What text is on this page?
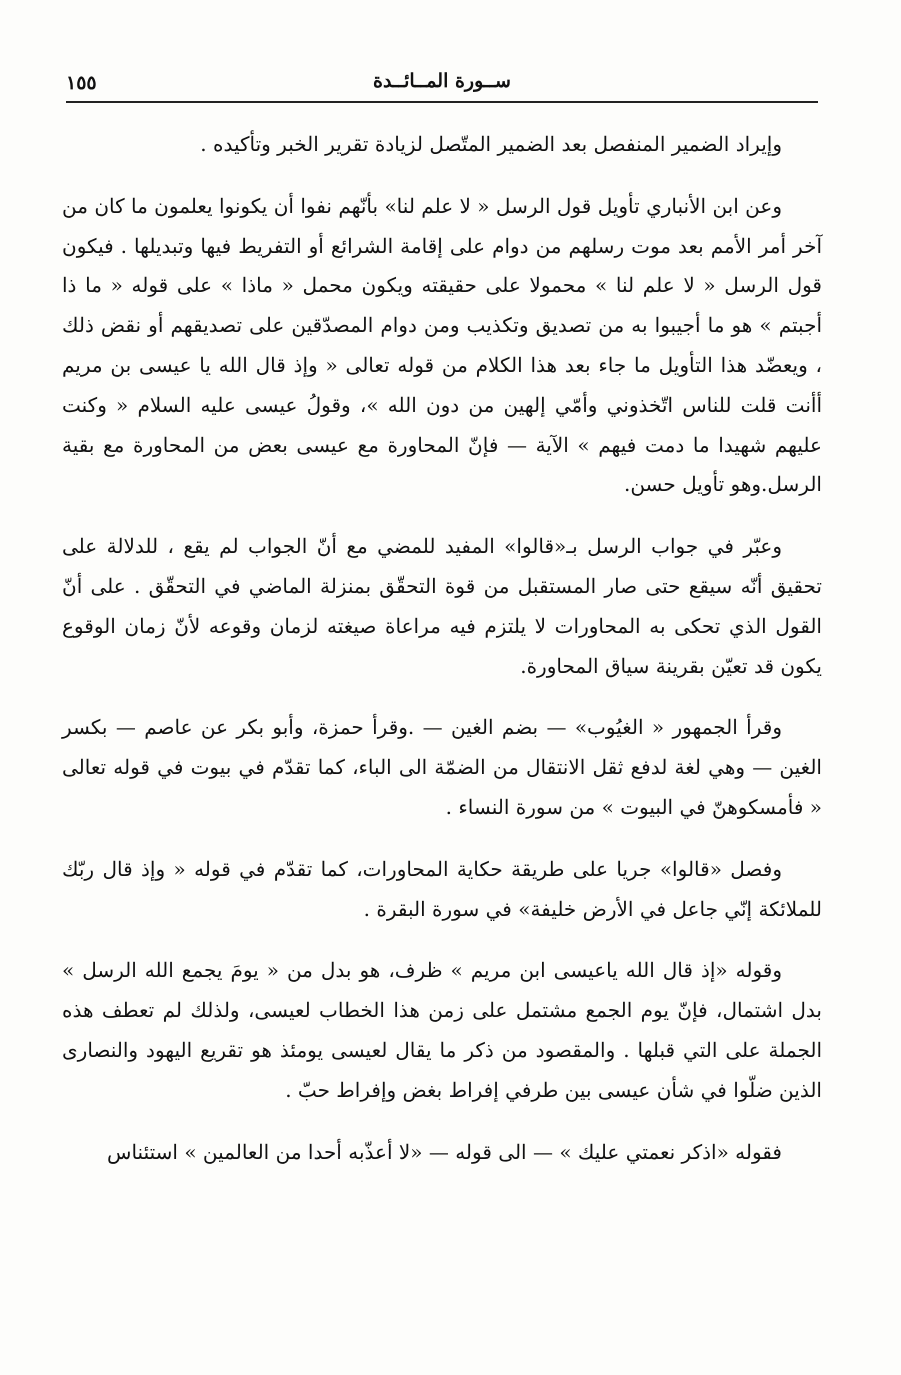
١٥٥	ســورة المــائــدة

وإيراد الضمير المنفصل بعد الضمير المتّصل لزيادة تقرير الخبر وتأكيده .

وعن ابن الأنباري تأويل قول الرسل « لا علم لنا» بأنّهم نفوا أن يكونوا يعلمون ما كان من آخر أمر الأمم بعد موت رسلهم من دوام على إقامة الشرائع أو التفريط فيها وتبديلها . فيكون قول الرسل « لا علم لنا » محمولا على حقيقته ويكون محمل « ماذا » على قوله « ما ذا أجبتم » هو ما أجيبوا به من تصديق وتكذيب ومن دوام المصدّقين على تصديقهم أو نقض ذلك ، ويعضّد هذا التأويل ما جاء بعد هذا الكلام من قوله تعالى « وإذ قال الله يا عيسى بن مريم أأنت قلت للناس اتّخذوني وأمّي إلهين من دون الله »، وقولُ عيسى عليه السلام « وكنت عليهم شهيدا ما دمت فيهم » الآية — فإنّ المحاورة مع عيسى بعض من المحاورة مع بقية الرسل.وهو تأويل حسن.

وعبّر في جواب الرسل بـ«قالوا» المفيد للمضي مع أنّ الجواب لم يقع ، للدلالة على تحقيق أنّه سيقع حتى صار المستقبل من قوة التحقّق بمنزلة الماضي في التحقّق . على أنّ القول الذي تحكى به المحاورات لا يلتزم فيه مراعاة صيغته لزمان وقوعه لأنّ زمان الوقوع يكون قد تعيّن بقرينة سياق المحاورة.

وقرأ الجمهور « الغيُوب» — بضم الغين — .وقرأ حمزة، وأبو بكر عن عاصم — بكسر الغين — وهي لغة لدفع ثقل الانتقال من الضمّة الى الباء، كما تقدّم في بيوت في قوله تعالى « فأمسكوهنّ في البيوت » من سورة النساء .

وفصل «قالوا» جريا على طريقة حكاية المحاورات، كما تقدّم في قوله « وإذ قال ربّك للملائكة إنّي جاعل في الأرض خليفة» في سورة البقرة .

وقوله «إذ قال الله ياعيسى ابن مريم » ظرف، هو بدل من « يومَ يجمع الله الرسل » بدل اشتمال، فإنّ يوم الجمع مشتمل على زمن هذا الخطاب لعيسى، ولذلك لم تعطف هذه الجملة على التي قبلها . والمقصود من ذكر ما يقال لعيسى يومئذ هو تقريع اليهود والنصارى الذين ضلّوا في شأن عيسى بين طرفي إفراط بغض وإفراط حبّ .

فقوله «اذكر نعمتي عليك » — الى قوله — «لا أعذّبه أحدا من العالمين » استئناس
